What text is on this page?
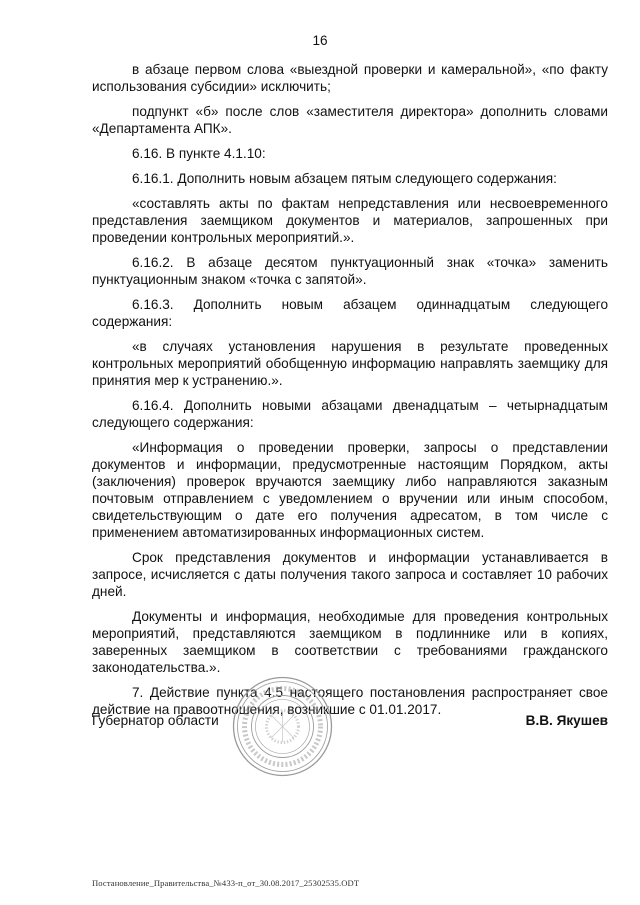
16

в абзаце первом слова «выездной проверки и камеральной», «по факту использования субсидии» исключить;

подпункт «б» после слов «заместителя директора» дополнить словами «Департамента АПК».

6.16. В пункте 4.1.10:

6.16.1. Дополнить новым абзацем пятым следующего содержания:

«составлять акты по фактам непредставления или несвоевременного представления заемщиком документов и материалов, запрошенных при проведении контрольных мероприятий.».

6.16.2. В абзаце десятом пунктуационный знак «точка» заменить пунктуационным знаком «точка с запятой».

6.16.3. Дополнить новым абзацем одиннадцатым следующего содержания:

«в случаях установления нарушения в результате проведенных контрольных мероприятий обобщенную информацию направлять заемщику для принятия мер к устранению.».

6.16.4. Дополнить новыми абзацами двенадцатым – четырнадцатым следующего содержания:

«Информация о проведении проверки, запросы о представлении документов и информации, предусмотренные настоящим Порядком, акты (заключения) проверок вручаются заемщику либо направляются заказным почтовым отправлением с уведомлением о вручении или иным способом, свидетельствующим о дате его получения адресатом, в том числе с применением автоматизированных информационных систем.

Срок представления документов и информации устанавливается в запросе, исчисляется с даты получения такого запроса и составляет 10 рабочих дней.

Документы и информация, необходимые для проведения контрольных мероприятий, представляются заемщиком в подлиннике или в копиях, заверенных заемщиком в соответствии с требованиями гражданского законодательства.».

7. Действие пункта 4.5 настоящего постановления распространяет свое действие на правоотношения, возникшие с 01.01.2017.

Губернатор области	В.В. Якушев
Постановление_Правительства_№433-п_от_30.08.2017_25302535.ODT
